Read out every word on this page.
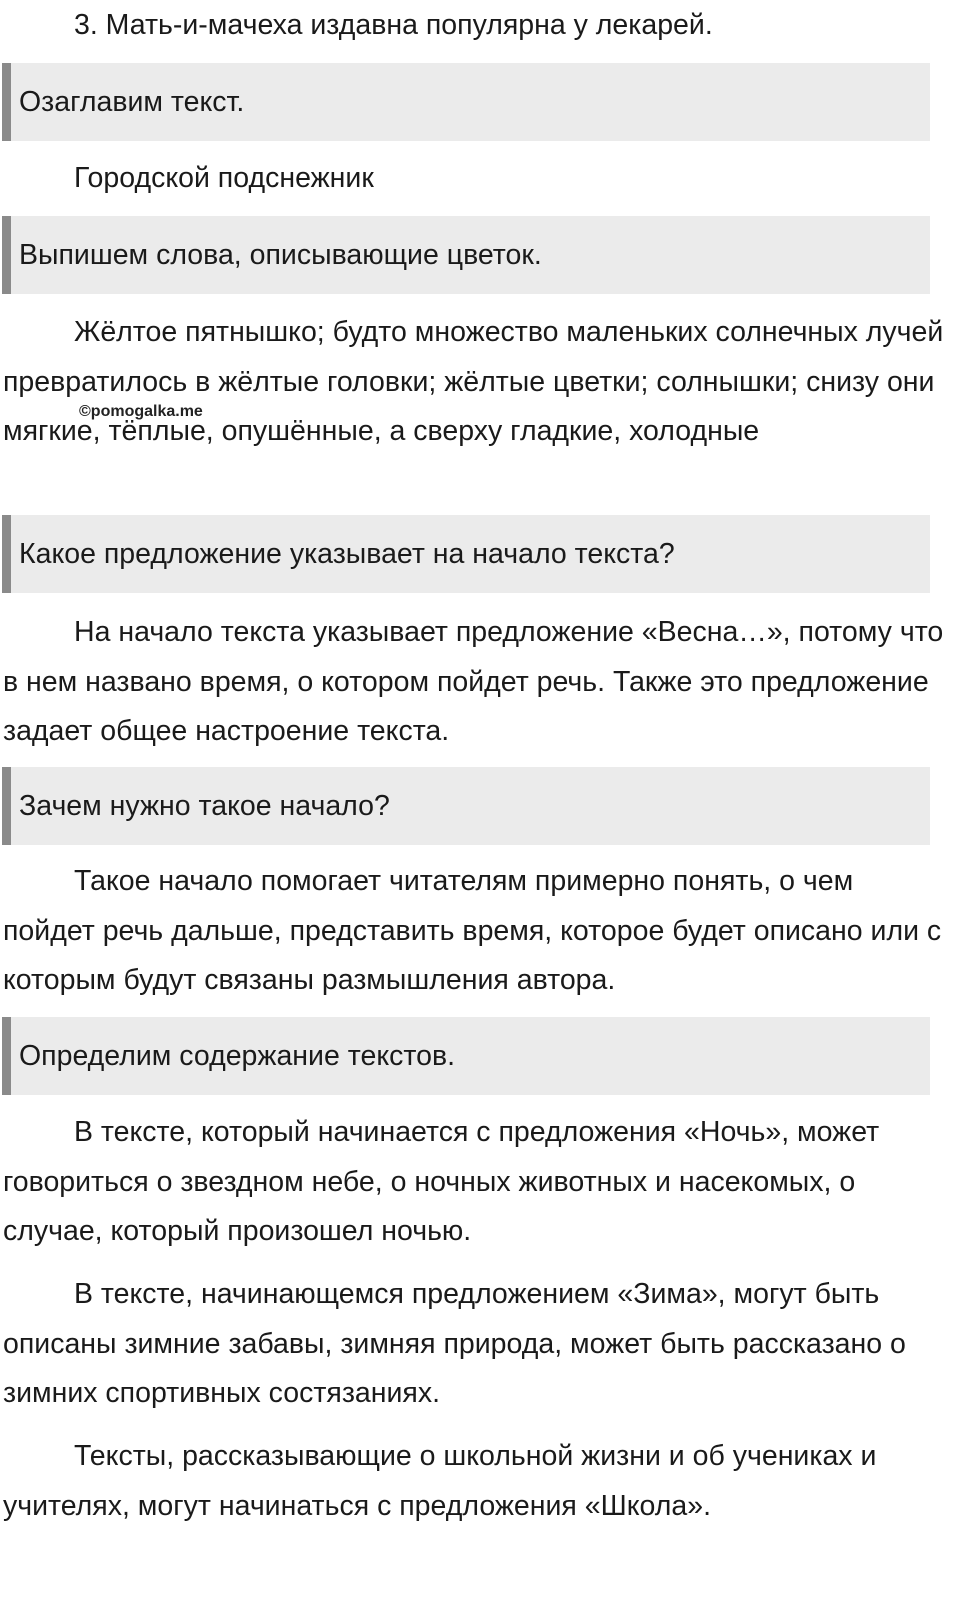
3. Мать-и-мачеха издавна популярна у лекарей.

Озаглавим текст.

Городской подснежник

Выпишем слова, описывающие цветок.

Жёлтое пятнышко; будто множество маленьких солнечных лучей превратилось в жёлтые головки; жёлтые цветки; солнышки; снизу они мягкие, тёплые, опушённые, а сверху гладкие, холодные

©pomogalka.me
Какое предложение указывает на начало текста?

На начало текста указывает предложение «Весна…», потому что в нем названо время, о котором пойдет речь. Также это предложение задает общее настроение текста.

Зачем нужно такое начало?

Такое начало помогает читателям примерно понять, о чем пойдет речь дальше, представить время, которое будет описано или с которым будут связаны размышления автора.

Определим содержание текстов.

В тексте, который начинается с предложения «Ночь», может говориться о звездном небе, о ночных животных и насекомых, о случае, который произошел ночью.

В тексте, начинающемся предложением «Зима», могут быть описаны зимние забавы, зимняя природа, может быть рассказано о зимних спортивных состязаниях.

Тексты, рассказывающие о школьной жизни и об учениках и учителях, могут начинаться с предложения «Школа».
